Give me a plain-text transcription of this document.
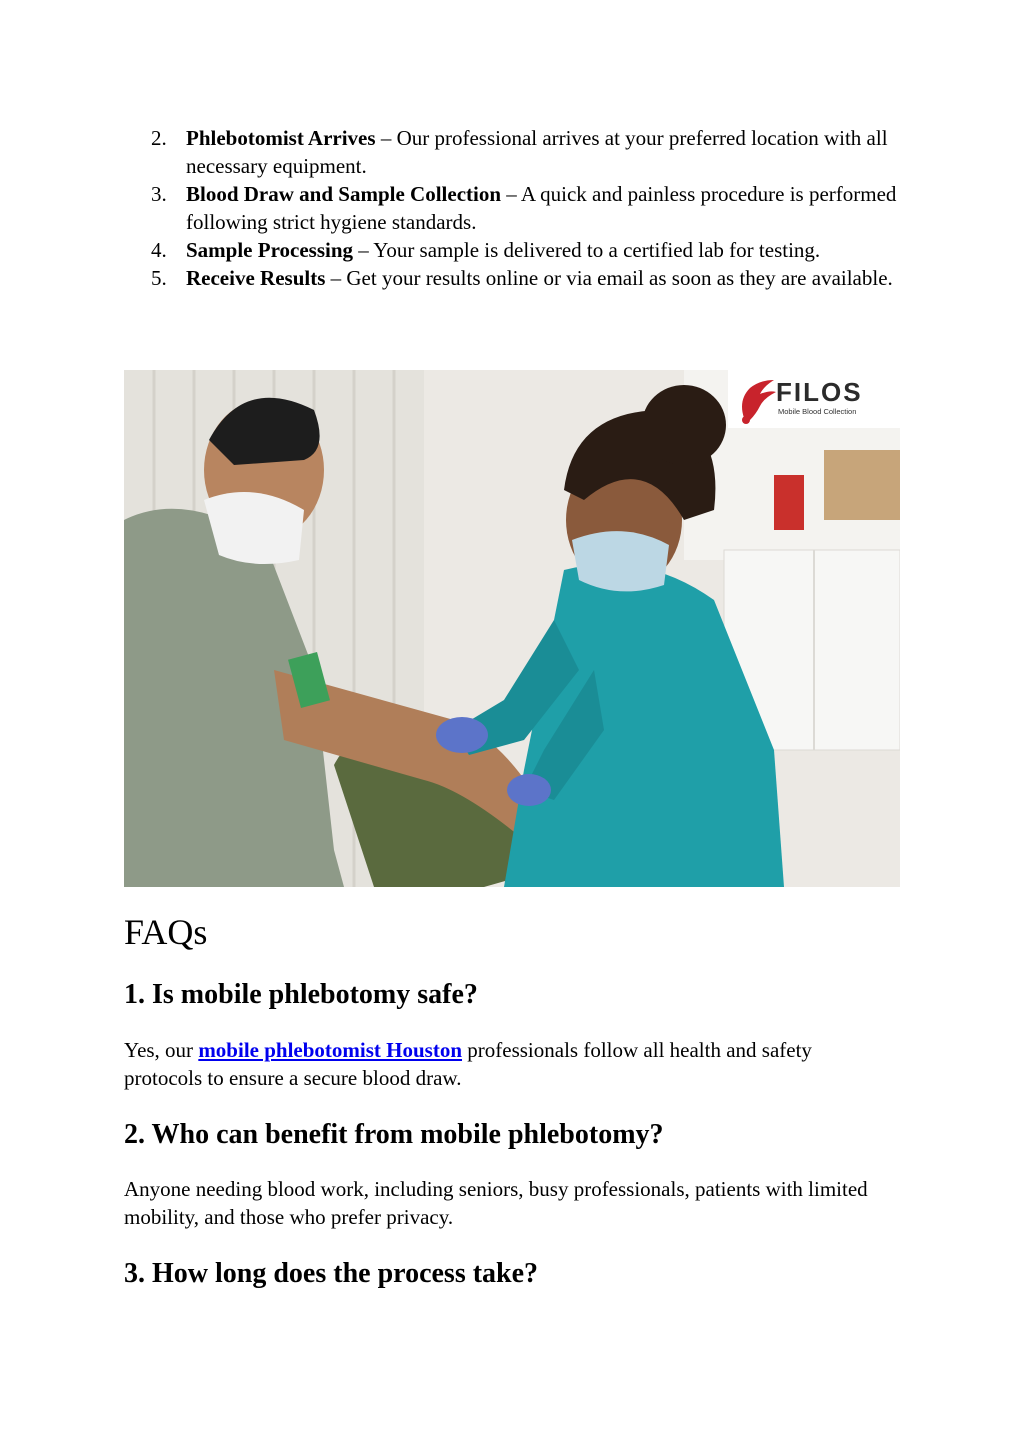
2. Phlebotomist Arrives – Our professional arrives at your preferred location with all necessary equipment.
3. Blood Draw and Sample Collection – A quick and painless procedure is performed following strict hygiene standards.
4. Sample Processing – Your sample is delivered to a certified lab for testing.
5. Receive Results – Get your results online or via email as soon as they are available.
FILOS
Mobile Blood Collection
FAQs
1. Is mobile phlebotomy safe?

Yes, our mobile phlebotomist Houston professionals follow all health and safety protocols to ensure a secure blood draw.

2. Who can benefit from mobile phlebotomy?

Anyone needing blood work, including seniors, busy professionals, patients with limited mobility, and those who prefer privacy.

3. How long does the process take?
